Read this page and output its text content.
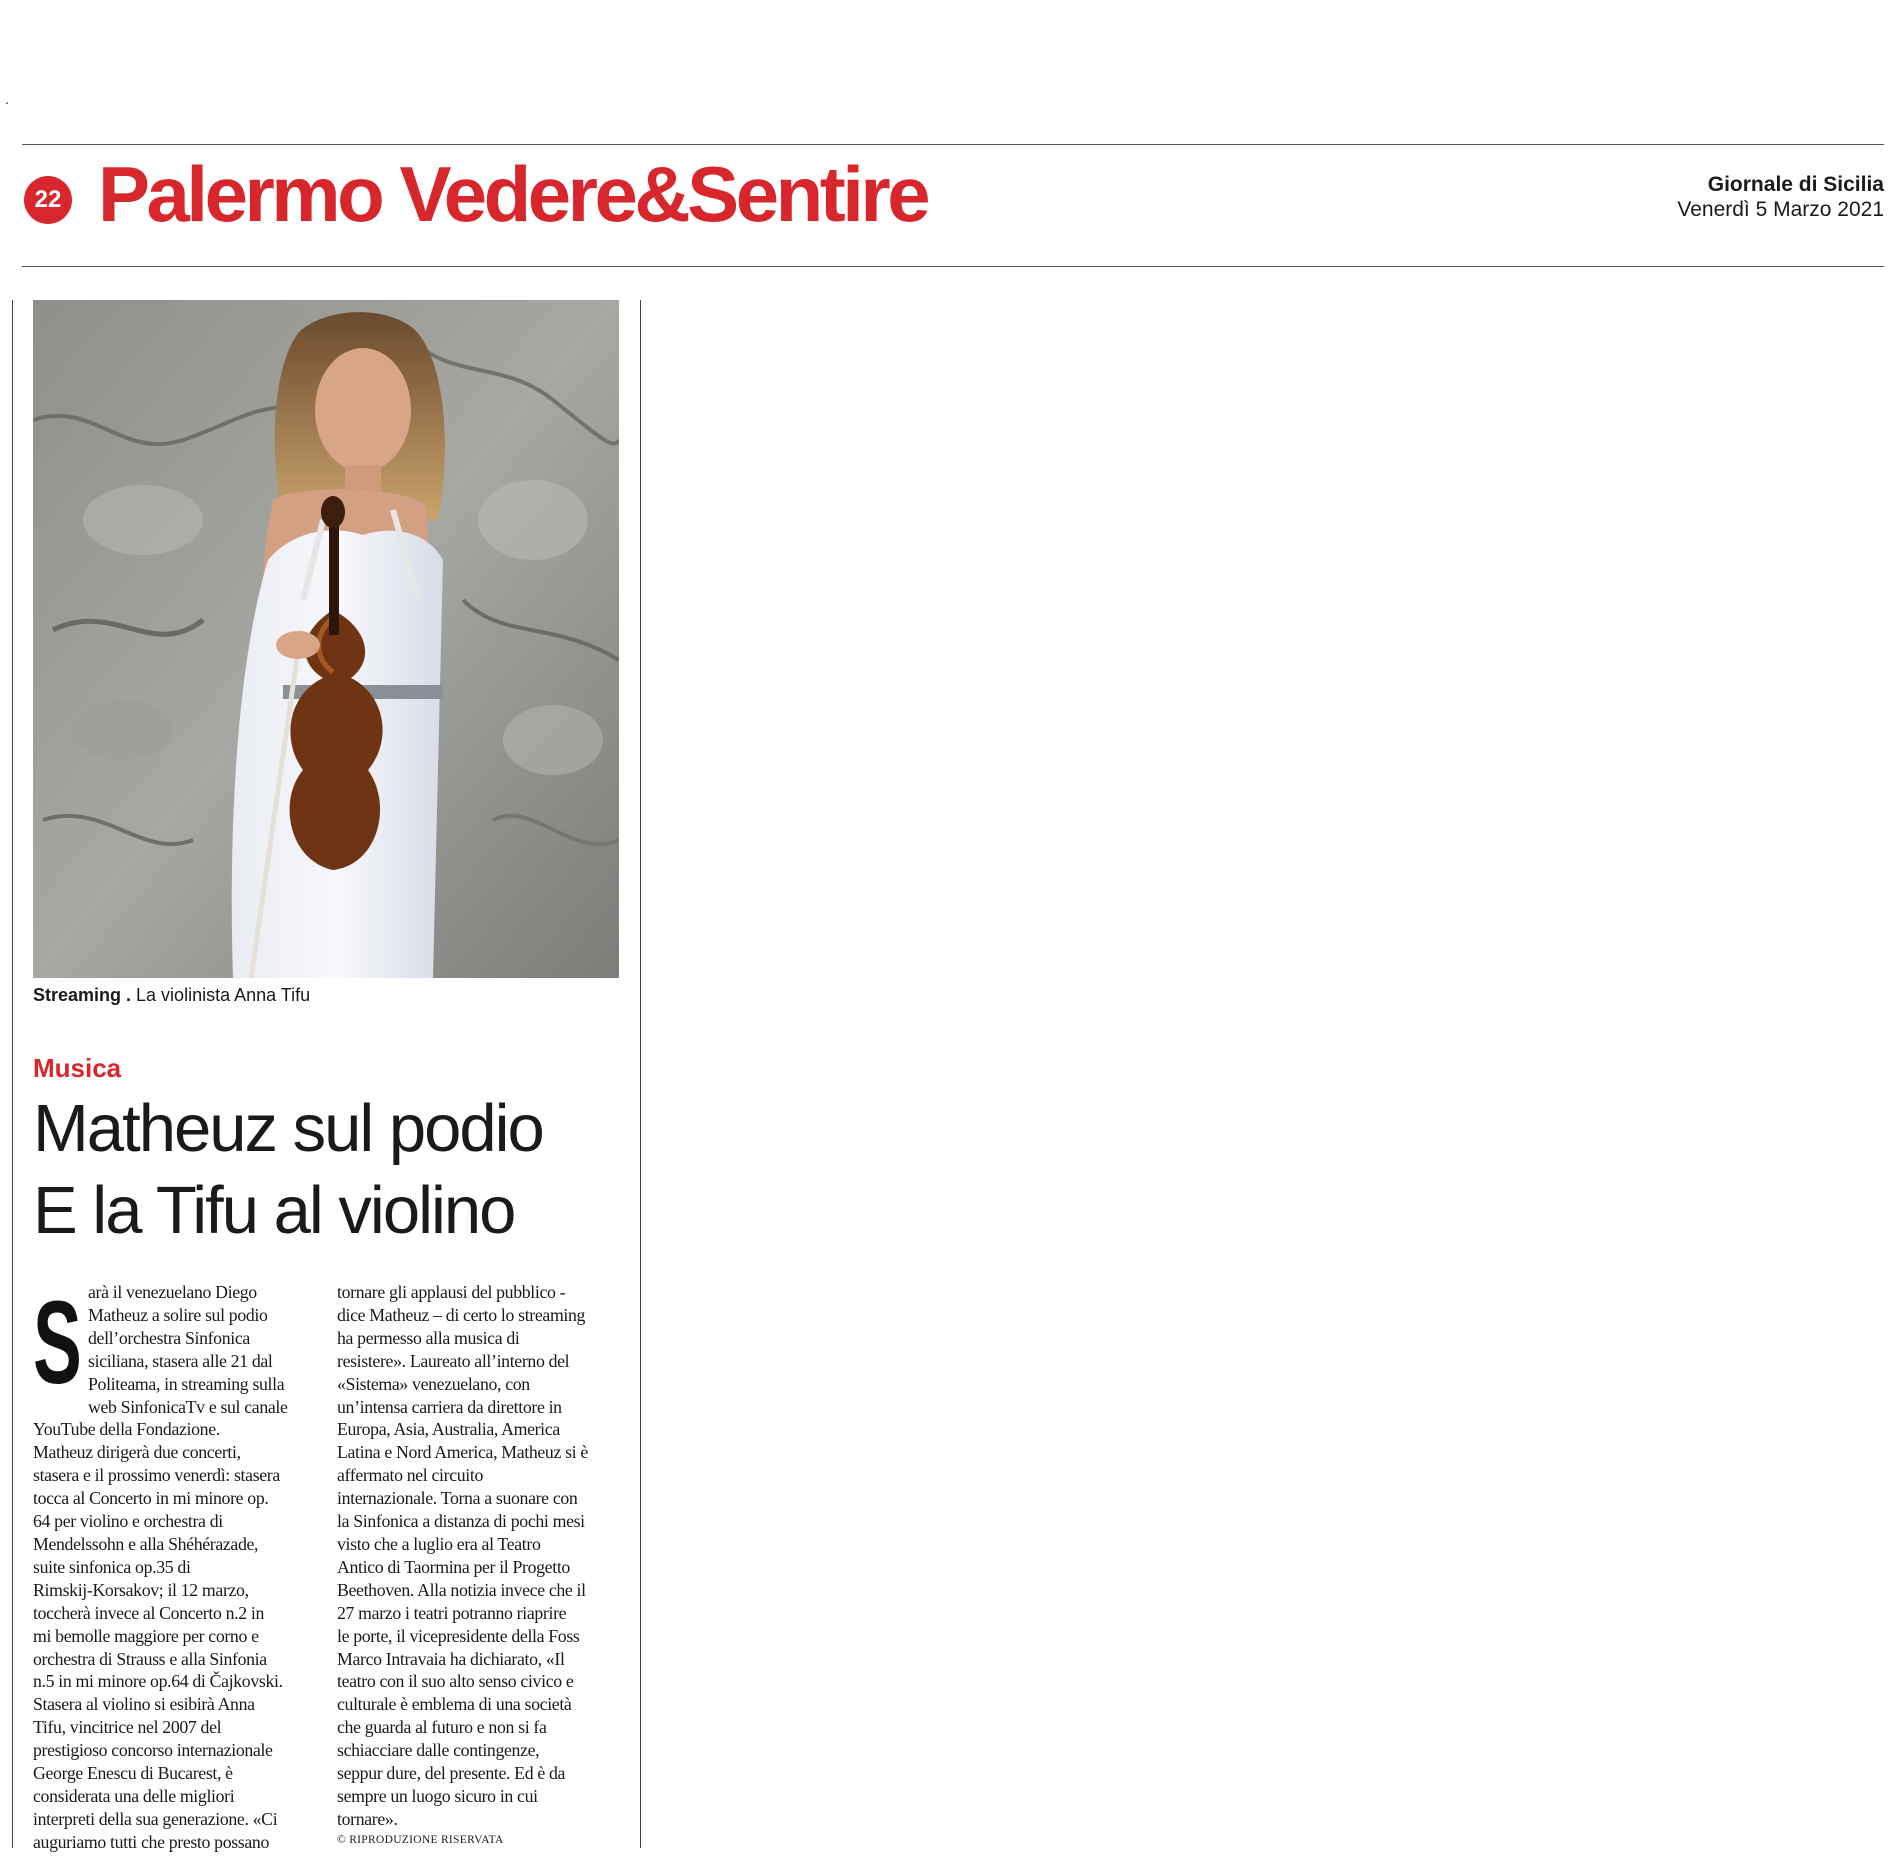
.
22 Palermo Vedere&Sentire	Giornale di Sicilia
Venerdì 5 Marzo 2021
Streaming . La violinista Anna Tifu
Musica
Matheuz sul podio
E la Tifu al violino
S arà il venezuelano Diego
Matheuz a solire sul podio
dell’orchestra Sinfonica
siciliana, stasera alle 21 dal
Politeama, in streaming sulla
web SinfonicaTv e sul canale
YouTube della Fondazione.
Matheuz dirigerà due concerti,
stasera e il prossimo venerdì: stasera
tocca al Concerto in mi minore op.
64 per violino e orchestra di
Mendelssohn e alla Shéhérazade,
suite sinfonica op.35 di
Rimskij-Korsakov; il 12 marzo,
toccherà invece al Concerto n.2 in
mi bemolle maggiore per corno e
orchestra di Strauss e alla Sinfonia
n.5 in mi minore op.64 di Čajkovski.
Stasera al violino si esibirà Anna
Tifu, vincitrice nel 2007 del
prestigioso concorso internazionale
George Enescu di Bucarest, è
considerata una delle migliori
interpreti della sua generazione. «Ci
auguriamo tutti che presto possano
tornare gli applausi del pubblico -
dice Matheuz – di certo lo streaming
ha permesso alla musica di
resistere». Laureato all’interno del
«Sistema» venezuelano, con
un’intensa carriera da direttore in
Europa, Asia, Australia, America
Latina e Nord America, Matheuz si è
affermato nel circuito
internazionale. Torna a suonare con
la Sinfonica a distanza di pochi mesi
visto che a luglio era al Teatro
Antico di Taormina per il Progetto
Beethoven. Alla notizia invece che il
27 marzo i teatri potranno riaprire
le porte, il vicepresidente della Foss
Marco Intravaia ha dichiarato, «Il
teatro con il suo alto senso civico e
culturale è emblema di una società
che guarda al futuro e non si fa
schiacciare dalle contingenze,
seppur dure, del presente. Ed è da
sempre un luogo sicuro in cui
tornare».
© RIPRODUZIONE RISERVATA
